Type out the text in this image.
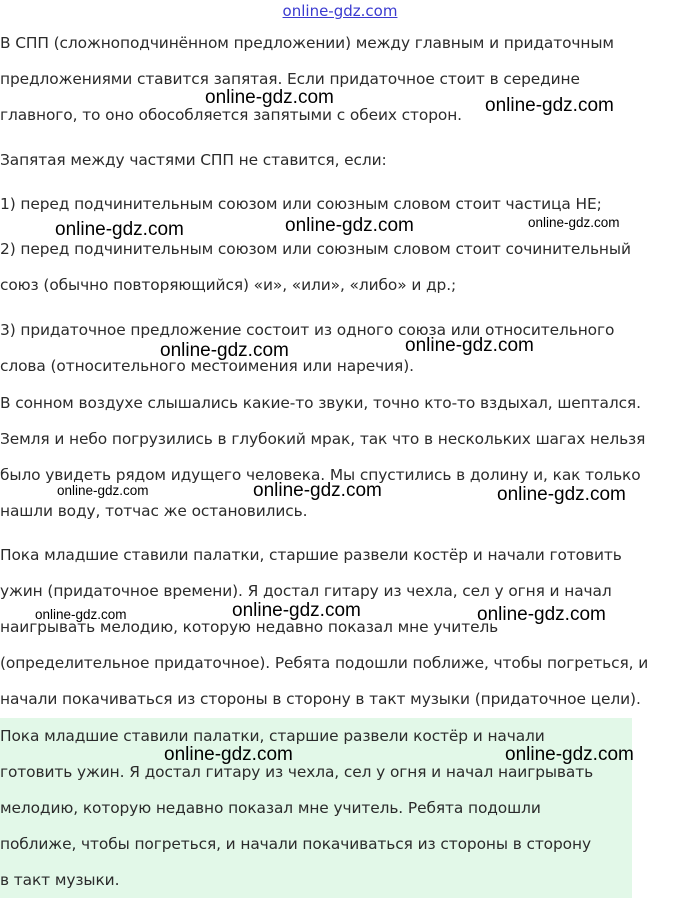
online-gdz.com

В СПП (сложноподчинённом предложении) между главным и придаточным
предложениями ставится запятая. Если придаточное стоит в середине
главного, то оно обособляется запятыми с обеих сторон.

Запятая между частями СПП не ставится, если:

1) перед подчинительным союзом или союзным словом стоит частица НЕ;

2) перед подчинительным союзом или союзным словом стоит сочинительный
союз (обычно повторяющийся) «и», «или», «либо» и др.;

3) придаточное предложение состоит из одного союза или относительного
слова (относительного местоимения или наречия).

В сонном воздухе слышались какие-то звуки, точно кто-то вздыхал, шептался.
Земля и небо погрузились в глубокий мрак, так что в нескольких шагах нельзя
было увидеть рядом идущего человека. Мы спустились в долину и, как только
нашли воду, тотчас же остановились.

Пока младшие ставили палатки, старшие развели костёр и начали готовить
ужин (придаточное времени). Я достал гитару из чехла, сел у огня и начал
наигрывать мелодию, которую недавно показал мне учитель
(определительное придаточное). Ребята подошли поближе, чтобы погреться, и
начали покачиваться из стороны в сторону в такт музыки (придаточное цели).

Пока младшие ставили палатки, старшие развели костёр и начали
готовить ужин. Я достал гитару из чехла, сел у огня и начал наигрывать
мелодию, которую недавно показал мне учитель. Ребята подошли
поближе, чтобы погреться, и начали покачиваться из стороны в сторону
в такт музыки.

online-gdz.com	online-gdz.com
online-gdz.com	online-gdz.com	online-gdz.com
online-gdz.com	online-gdz.com
online-gdz.com	online-gdz.com	online-gdz.com
online-gdz.com	online-gdz.com	online-gdz.com
online-gdz.com	online-gdz.com
